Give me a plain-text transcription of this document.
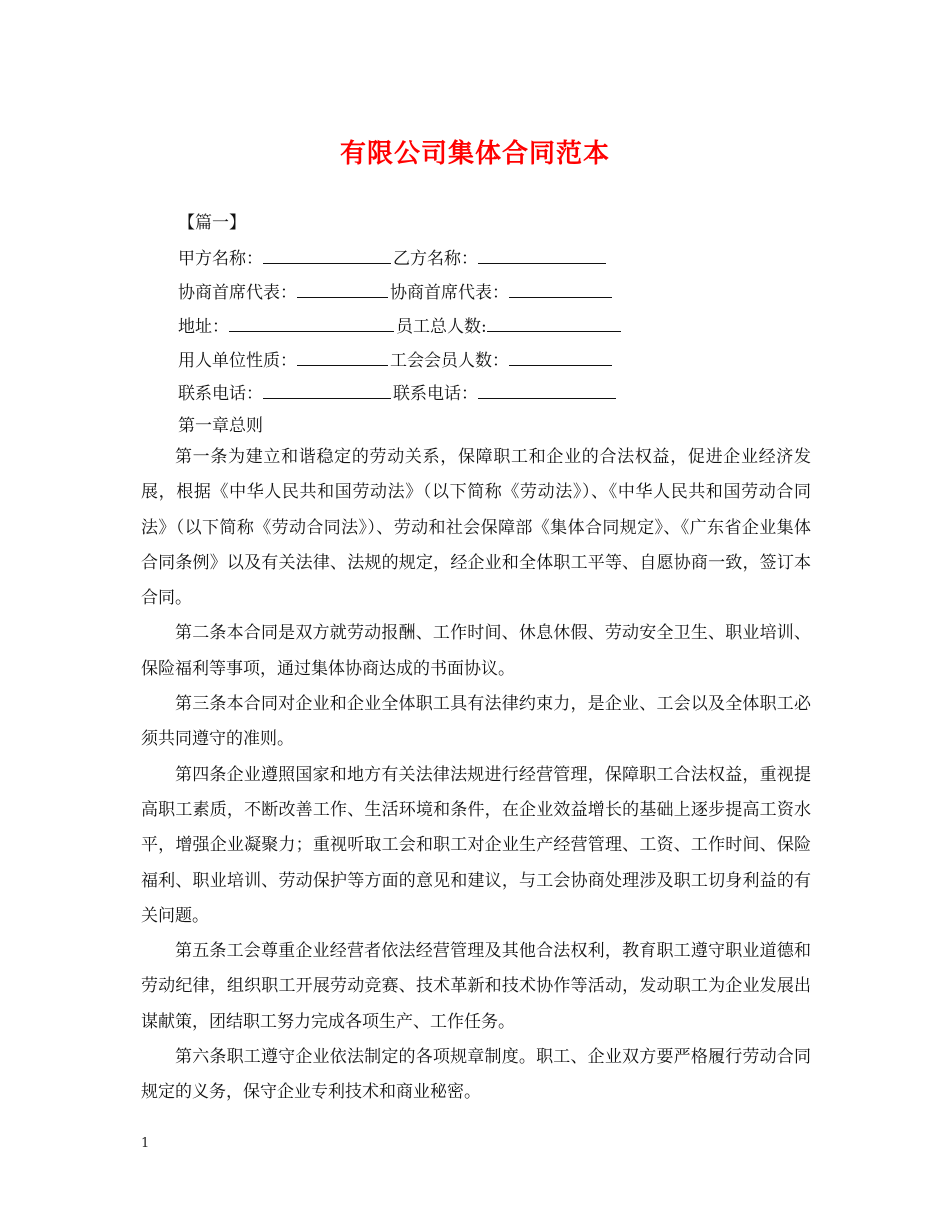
有限公司集体合同范本

【篇一】

甲方名称：	乙方名称：
协商首席代表：	协商首席代表：
地址：	员工总人数:
用人单位性质：	工会会员人数：
联系电话：	联系电话：

第一章总则

第一条为建立和谐稳定的劳动关系，保障职工和企业的合法权益，促进企业经济发展，根据《中华人民共和国劳动法》（以下简称《劳动法》）、《中华人民共和国劳动合同法》（以下简称《劳动合同法》）、劳动和社会保障部《集体合同规定》、《广东省企业集体合同条例》以及有关法律、法规的规定，经企业和全体职工平等、自愿协商一致，签订本合同。

第二条本合同是双方就劳动报酬、工作时间、休息休假、劳动安全卫生、职业培训、保险福利等事项，通过集体协商达成的书面协议。

第三条本合同对企业和企业全体职工具有法律约束力，是企业、工会以及全体职工必须共同遵守的准则。

第四条企业遵照国家和地方有关法律法规进行经营管理，保障职工合法权益，重视提高职工素质，不断改善工作、生活环境和条件，在企业效益增长的基础上逐步提高工资水平，增强企业凝聚力；重视听取工会和职工对企业生产经营管理、工资、工作时间、保险福利、职业培训、劳动保护等方面的意见和建议，与工会协商处理涉及职工切身利益的有关问题。

第五条工会尊重企业经营者依法经营管理及其他合法权利，教育职工遵守职业道德和劳动纪律，组织职工开展劳动竞赛、技术革新和技术协作等活动，发动职工为企业发展出谋献策，团结职工努力完成各项生产、工作任务。

第六条职工遵守企业依法制定的各项规章制度。职工、企业双方要严格履行劳动合同规定的义务，保守企业专利技术和商业秘密。

1
